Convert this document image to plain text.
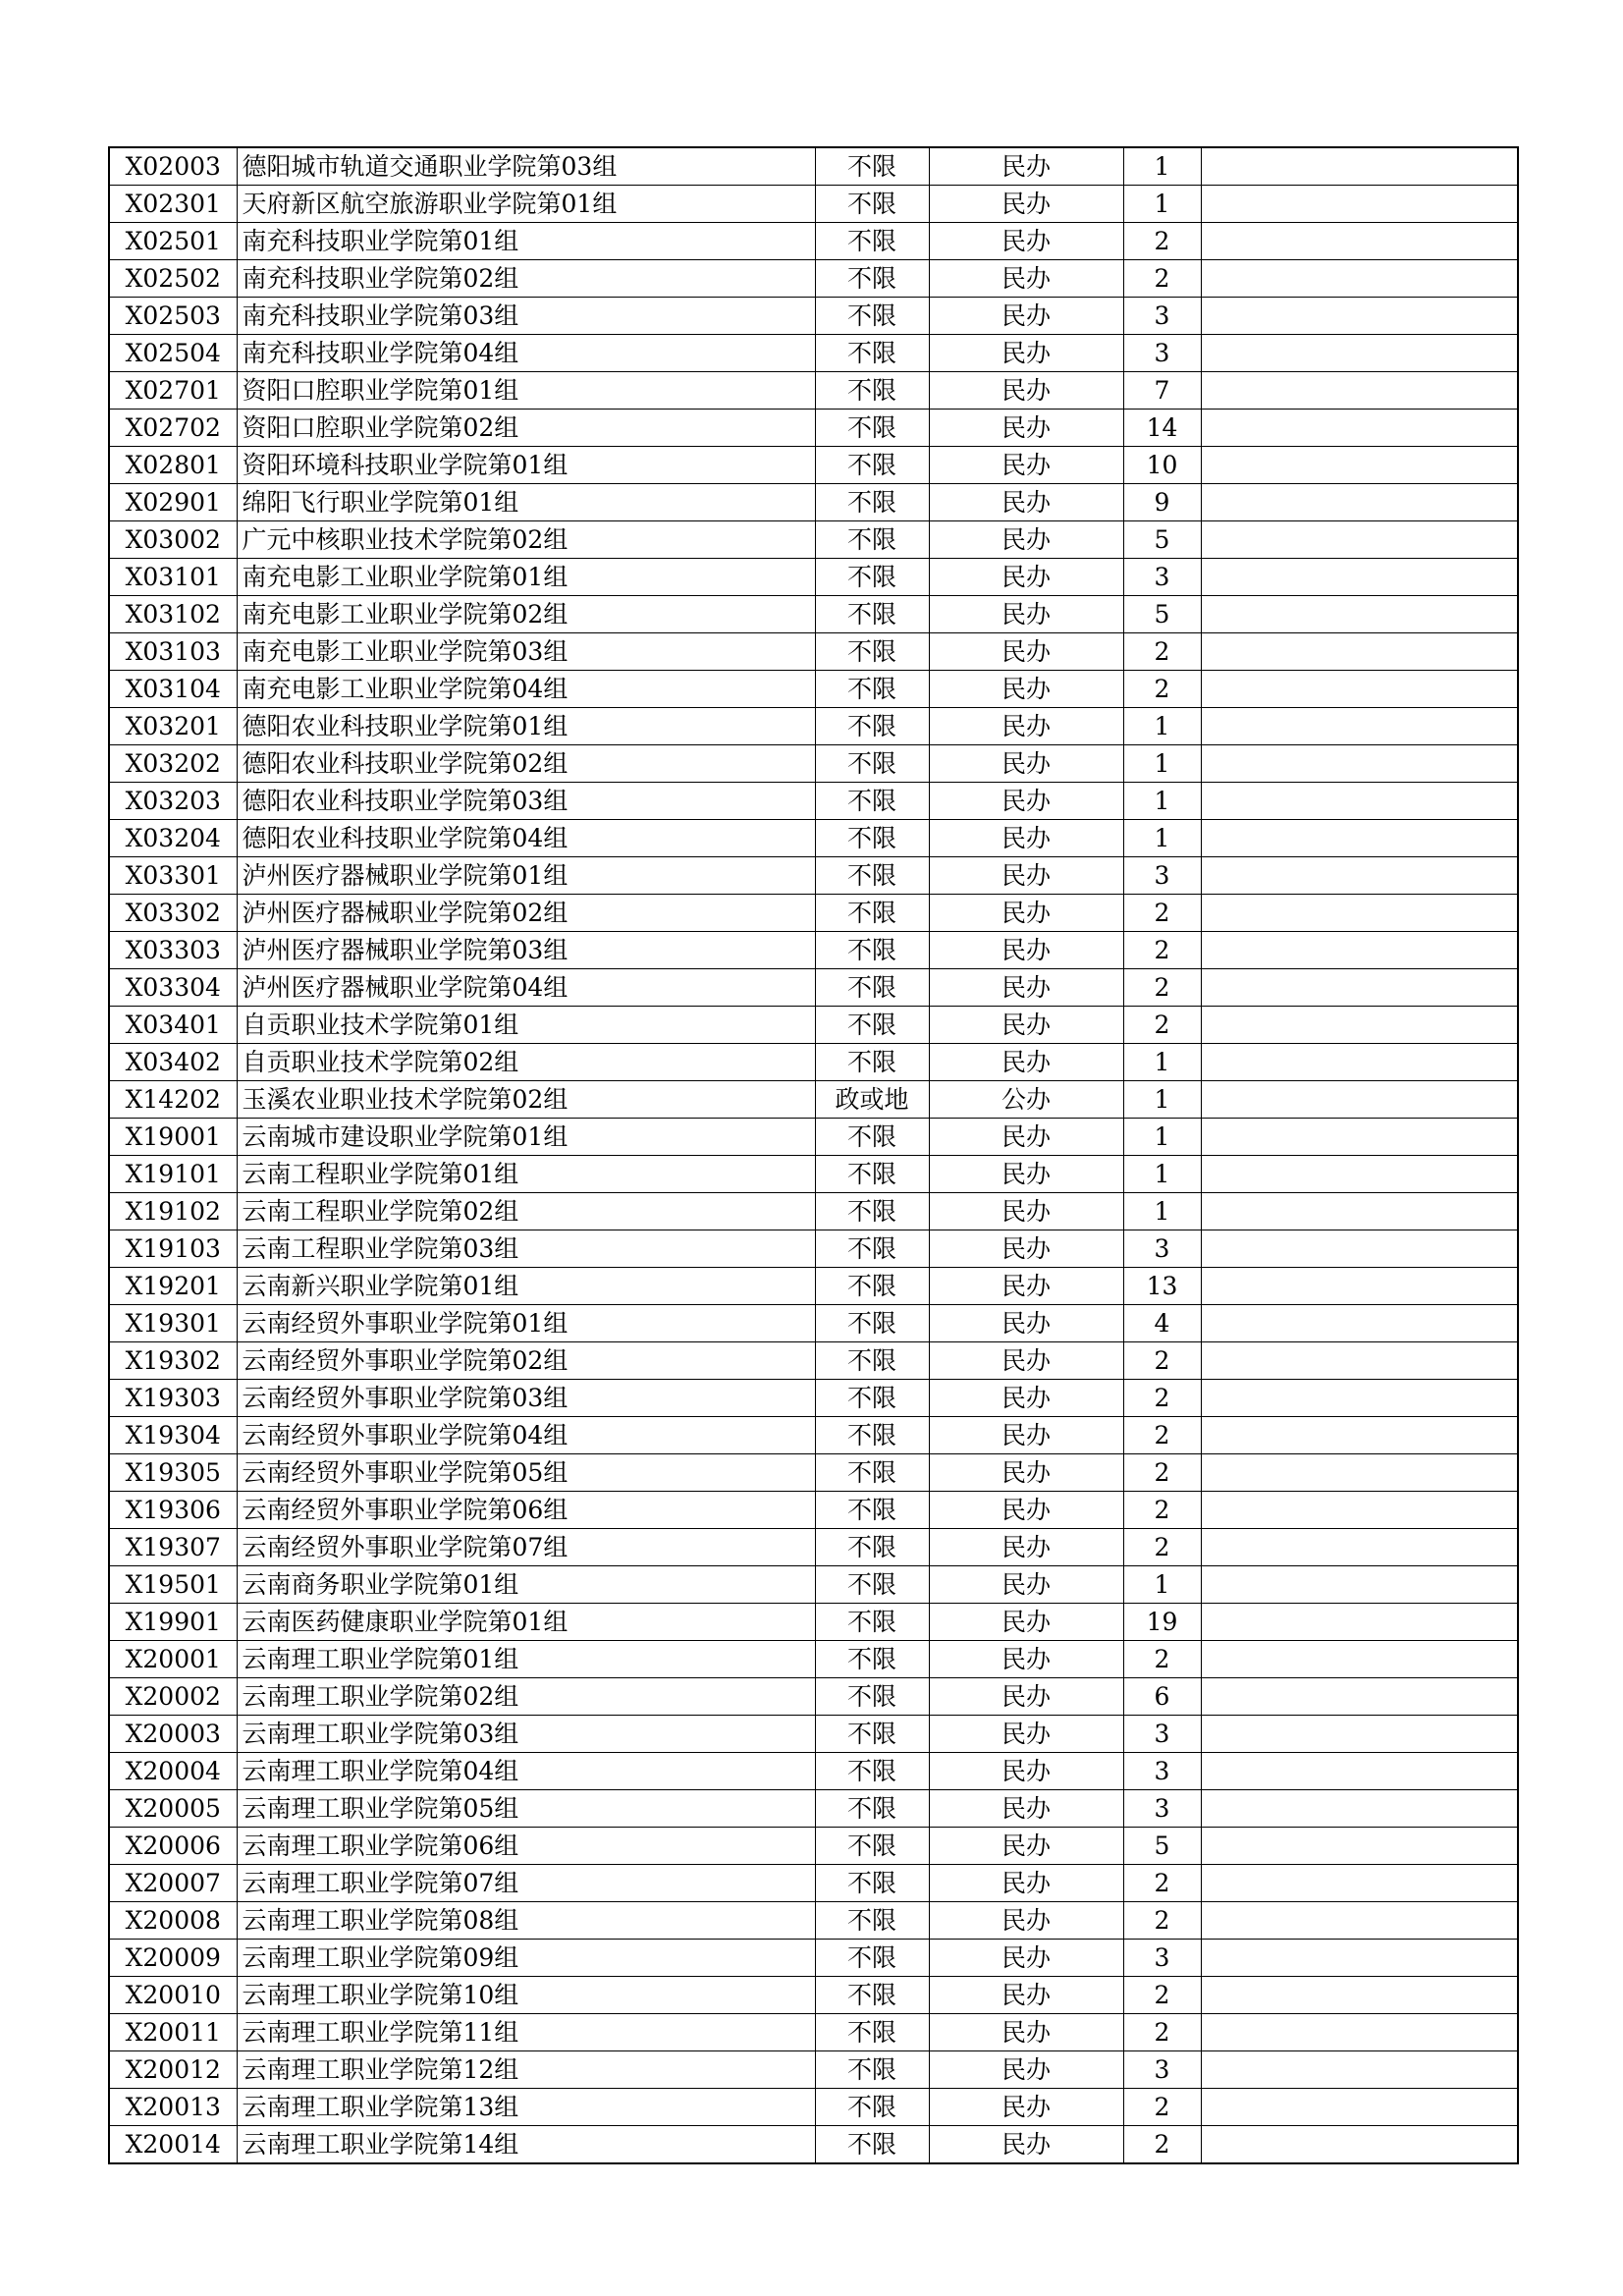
X02003	德阳城市轨道交通职业学院第03组	不限	民办	1	
X02301	天府新区航空旅游职业学院第01组	不限	民办	1	
X02501	南充科技职业学院第01组	不限	民办	2	
X02502	南充科技职业学院第02组	不限	民办	2	
X02503	南充科技职业学院第03组	不限	民办	3	
X02504	南充科技职业学院第04组	不限	民办	3	
X02701	资阳口腔职业学院第01组	不限	民办	7	
X02702	资阳口腔职业学院第02组	不限	民办	14	
X02801	资阳环境科技职业学院第01组	不限	民办	10	
X02901	绵阳飞行职业学院第01组	不限	民办	9	
X03002	广元中核职业技术学院第02组	不限	民办	5	
X03101	南充电影工业职业学院第01组	不限	民办	3	
X03102	南充电影工业职业学院第02组	不限	民办	5	
X03103	南充电影工业职业学院第03组	不限	民办	2	
X03104	南充电影工业职业学院第04组	不限	民办	2	
X03201	德阳农业科技职业学院第01组	不限	民办	1	
X03202	德阳农业科技职业学院第02组	不限	民办	1	
X03203	德阳农业科技职业学院第03组	不限	民办	1	
X03204	德阳农业科技职业学院第04组	不限	民办	1	
X03301	泸州医疗器械职业学院第01组	不限	民办	3	
X03302	泸州医疗器械职业学院第02组	不限	民办	2	
X03303	泸州医疗器械职业学院第03组	不限	民办	2	
X03304	泸州医疗器械职业学院第04组	不限	民办	2	
X03401	自贡职业技术学院第01组	不限	民办	2	
X03402	自贡职业技术学院第02组	不限	民办	1	
X14202	玉溪农业职业技术学院第02组	政或地	公办	1	
X19001	云南城市建设职业学院第01组	不限	民办	1	
X19101	云南工程职业学院第01组	不限	民办	1	
X19102	云南工程职业学院第02组	不限	民办	1	
X19103	云南工程职业学院第03组	不限	民办	3	
X19201	云南新兴职业学院第01组	不限	民办	13	
X19301	云南经贸外事职业学院第01组	不限	民办	4	
X19302	云南经贸外事职业学院第02组	不限	民办	2	
X19303	云南经贸外事职业学院第03组	不限	民办	2	
X19304	云南经贸外事职业学院第04组	不限	民办	2	
X19305	云南经贸外事职业学院第05组	不限	民办	2	
X19306	云南经贸外事职业学院第06组	不限	民办	2	
X19307	云南经贸外事职业学院第07组	不限	民办	2	
X19501	云南商务职业学院第01组	不限	民办	1	
X19901	云南医药健康职业学院第01组	不限	民办	19	
X20001	云南理工职业学院第01组	不限	民办	2	
X20002	云南理工职业学院第02组	不限	民办	6	
X20003	云南理工职业学院第03组	不限	民办	3	
X20004	云南理工职业学院第04组	不限	民办	3	
X20005	云南理工职业学院第05组	不限	民办	3	
X20006	云南理工职业学院第06组	不限	民办	5	
X20007	云南理工职业学院第07组	不限	民办	2	
X20008	云南理工职业学院第08组	不限	民办	2	
X20009	云南理工职业学院第09组	不限	民办	3	
X20010	云南理工职业学院第10组	不限	民办	2	
X20011	云南理工职业学院第11组	不限	民办	2	
X20012	云南理工职业学院第12组	不限	民办	3	
X20013	云南理工职业学院第13组	不限	民办	2	
X20014	云南理工职业学院第14组	不限	民办	2	
